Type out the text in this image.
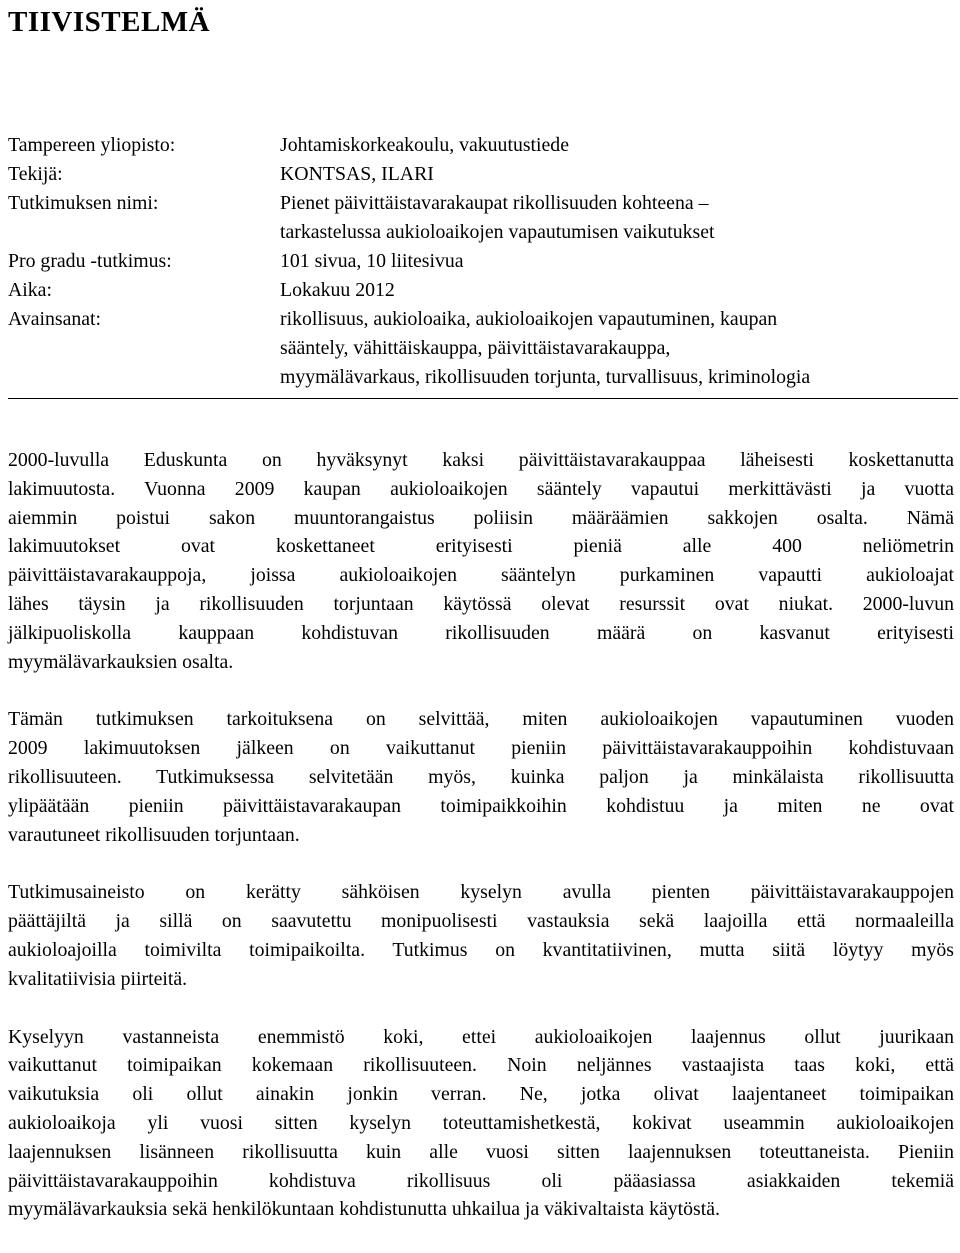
TIIVISTELMÄ
Tampereen yliopisto:	Johtamiskorkeakoulu, vakuutustiede
Tekijä:	KONTSAS, ILARI
Tutkimuksen nimi:	Pienet päivittäistavarakaupat rikollisuuden kohteena –
tarkastelussa aukioloaikojen vapautumisen vaikutukset
Pro gradu -tutkimus:	101 sivua, 10 liitesivua
Aika:	Lokakuu 2012
Avainsanat:	rikollisuus, aukioloaika, aukioloaikojen vapautuminen, kaupan
sääntely, vähittäiskauppa, päivittäistavarakauppa,
myymälävarkaus, rikollisuuden torjunta, turvallisuus, kriminologia
2000-luvulla Eduskunta on hyväksynyt kaksi päivittäistavarakauppaa läheisesti koskettanutta
lakimuutosta. Vuonna 2009 kaupan aukioloaikojen sääntely vapautui merkittävästi ja vuotta
aiemmin poistui sakon muuntorangaistus poliisin määräämien sakkojen osalta. Nämä
lakimuutokset ovat koskettaneet erityisesti pieniä alle 400 neliömetrin
päivittäistavarakauppoja, joissa aukioloaikojen sääntelyn purkaminen vapautti aukioloajat
lähes täysin ja rikollisuuden torjuntaan käytössä olevat resurssit ovat niukat. 2000-luvun
jälkipuoliskolla kauppaan kohdistuvan rikollisuuden määrä on kasvanut erityisesti
myymälävarkauksien osalta.
Tämän tutkimuksen tarkoituksena on selvittää, miten aukioloaikojen vapautuminen vuoden
2009 lakimuutoksen jälkeen on vaikuttanut pieniin päivittäistavarakauppoihin kohdistuvaan
rikollisuuteen. Tutkimuksessa selvitetään myös, kuinka paljon ja minkälaista rikollisuutta
ylipäätään pieniin päivittäistavarakaupan toimipaikkoihin kohdistuu ja miten ne ovat
varautuneet rikollisuuden torjuntaan.
Tutkimusaineisto on kerätty sähköisen kyselyn avulla pienten päivittäistavarakauppojen
päättäjiltä ja sillä on saavutettu monipuolisesti vastauksia sekä laajoilla että normaaleilla
aukioloajoilla toimivilta toimipaikoilta. Tutkimus on kvantitatiivinen, mutta siitä löytyy myös
kvalitatiivisia piirteitä.
Kyselyyn vastanneista enemmistö koki, ettei aukioloaikojen laajennus ollut juurikaan
vaikuttanut toimipaikan kokemaan rikollisuuteen. Noin neljännes vastaajista taas koki, että
vaikutuksia oli ollut ainakin jonkin verran. Ne, jotka olivat laajentaneet toimipaikan
aukioloaikoja yli vuosi sitten kyselyn toteuttamishetkestä, kokivat useammin aukioloaikojen
laajennuksen lisänneen rikollisuutta kuin alle vuosi sitten laajennuksen toteuttaneista. Pieniin
päivittäistavarakauppoihin kohdistuva rikollisuus oli pääasiassa asiakkaiden tekemiä
myymälävarkauksia sekä henkilökuntaan kohdistunutta uhkailua ja väkivaltaista käytöstä.
